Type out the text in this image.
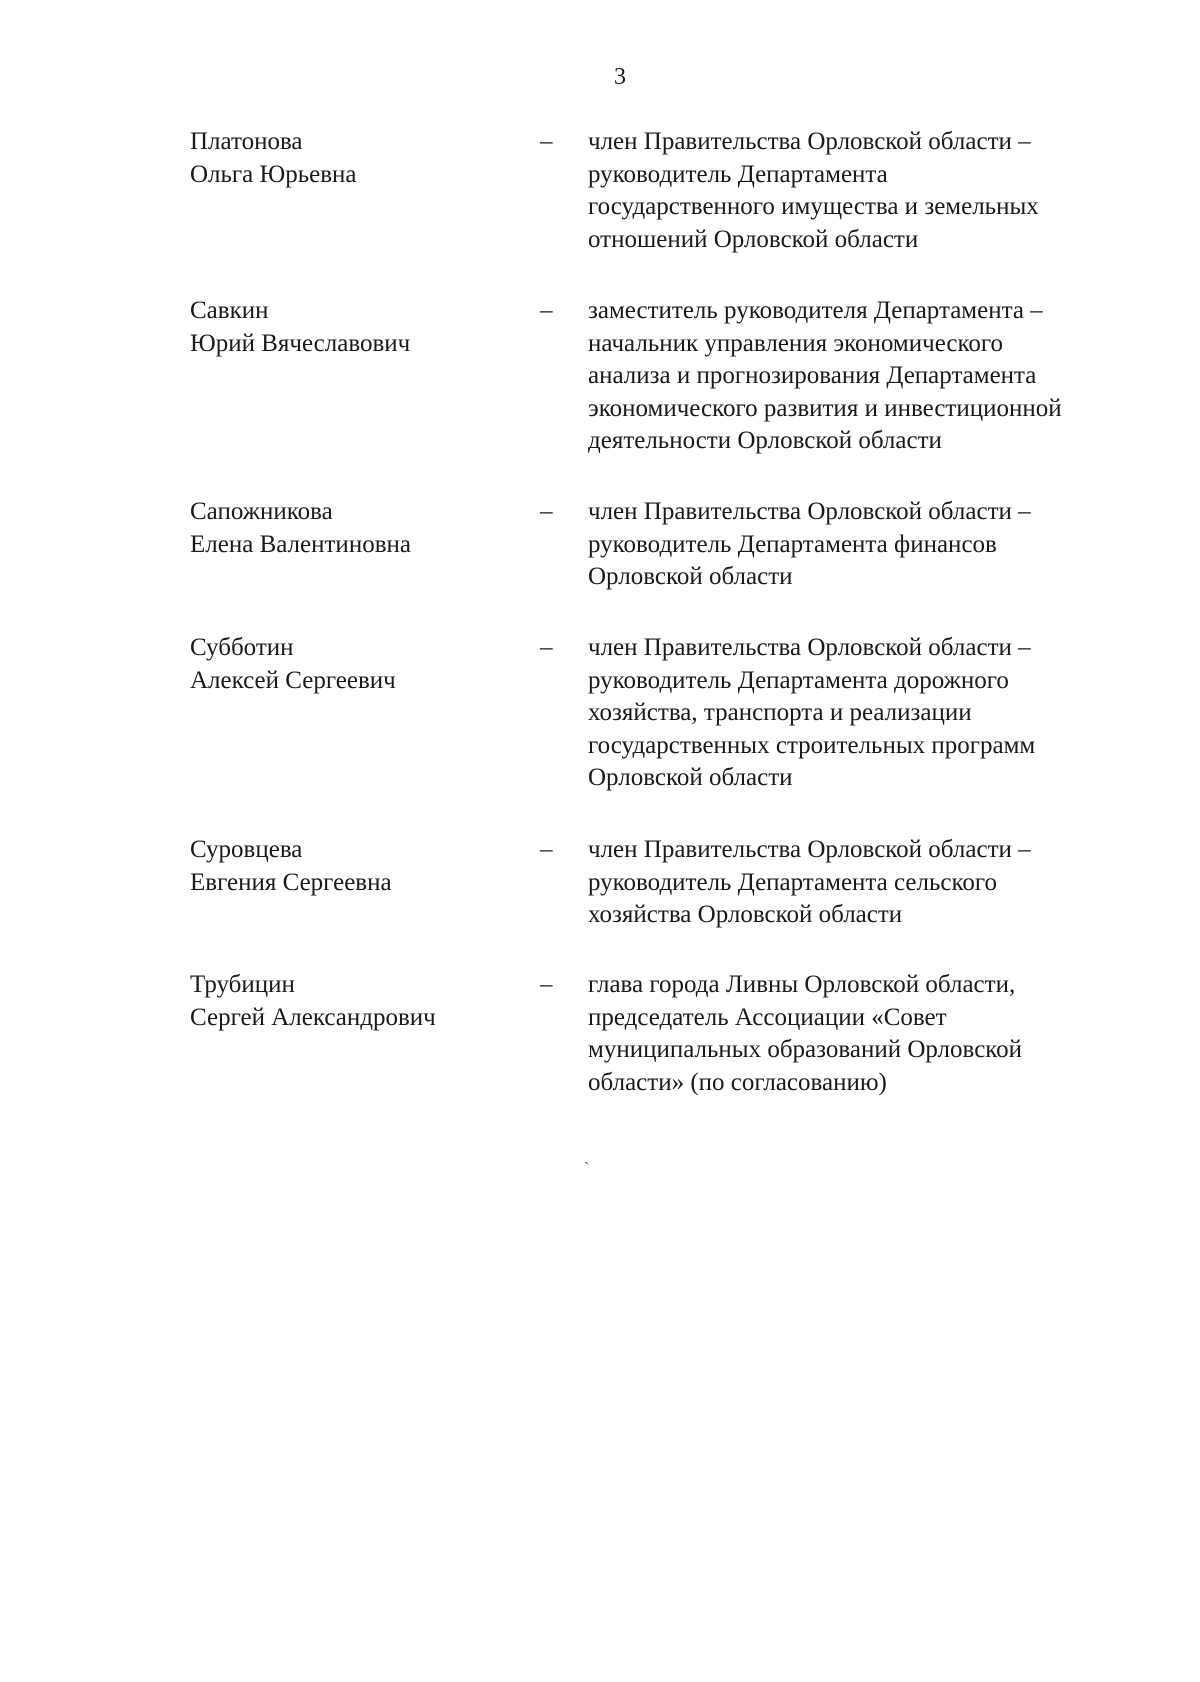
3
Платонова
Ольга Юрьевна
–	член Правительства Орловской области –
руководитель Департамента
государственного имущества и земельных
отношений Орловской области
Савкин
Юрий Вячеславович
–	заместитель руководителя Департамента –
начальник управления экономического
анализа и прогнозирования Департамента
экономического развития и инвестиционной
деятельности Орловской области
Сапожникова
Елена Валентиновна
–	член Правительства Орловской области –
руководитель Департамента финансов
Орловской области
Субботин
Алексей Сергеевич
–	член Правительства Орловской области –
руководитель Департамента дорожного
хозяйства, транспорта и реализации
государственных строительных программ
Орловской области
Суровцева
Евгения Сергеевна
–	член Правительства Орловской области –
руководитель Департамента сельского
хозяйства Орловской области
Трубицин
Сергей Александрович
–	глава города Ливны Орловской области,
председатель Ассоциации «Совет
муниципальных образований Орловской
области» (по согласованию)
ˏ
